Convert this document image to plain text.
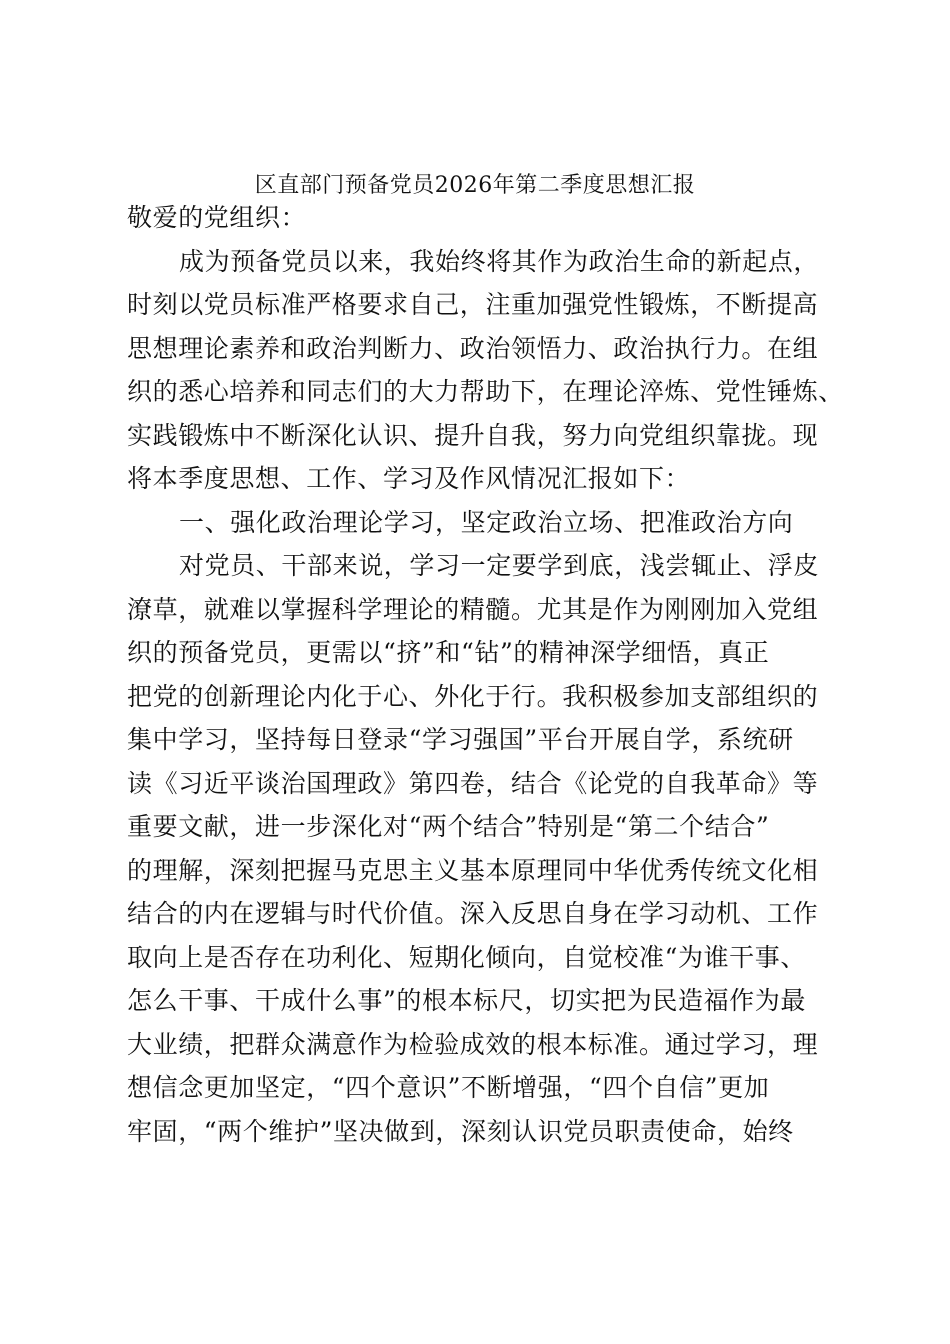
区直部门预备党员2026年第二季度思想汇报
敬爱的党组织：
成为预备党员以来，我始终将其作为政治生命的新起点，
时刻以党员标准严格要求自己，注重加强党性锻炼，不断提高
思想理论素养和政治判断力、政治领悟力、政治执行力。在组
织的悉心培养和同志们的大力帮助下，在理论淬炼、党性锤炼、
实践锻炼中不断深化认识、提升自我，努力向党组织靠拢。现
将本季度思想、工作、学习及作风情况汇报如下：
一、强化政治理论学习，坚定政治立场、把准政治方向
对党员、干部来说，学习一定要学到底，浅尝辄止、浮皮
潦草，就难以掌握科学理论的精髓。尤其是作为刚刚加入党组
织的预备党员，更需以“挤”和“钻”的精神深学细悟，真正
把党的创新理论内化于心、外化于行。我积极参加支部组织的
集中学习，坚持每日登录“学习强国”平台开展自学，系统研
读《习近平谈治国理政》第四卷，结合《论党的自我革命》等
重要文献，进一步深化对“两个结合”特别是“第二个结合”
的理解，深刻把握马克思主义基本原理同中华优秀传统文化相
结合的内在逻辑与时代价值。深入反思自身在学习动机、工作
取向上是否存在功利化、短期化倾向，自觉校准“为谁干事、
怎么干事、干成什么事”的根本标尺，切实把为民造福作为最
大业绩，把群众满意作为检验成效的根本标准。通过学习，理
想信念更加坚定，“四个意识”不断增强，“四个自信”更加
牢固，“两个维护”坚决做到，深刻认识党员职责使命，始终
